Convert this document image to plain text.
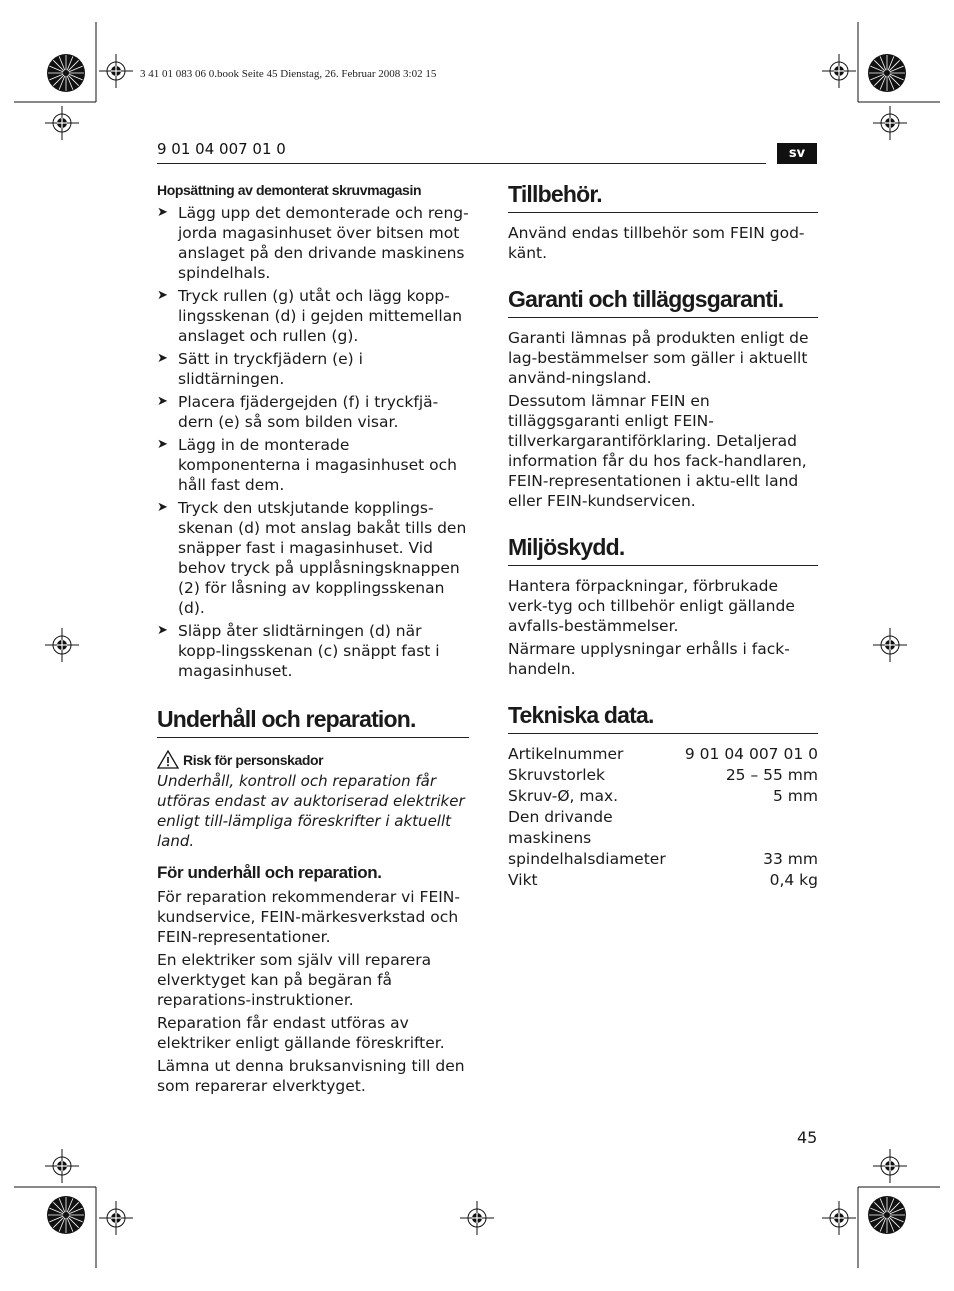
3 41 01 083 06 0.book Seite 45 Dienstag, 26. Februar 2008 3:02 15
9 01 04 007 01 0	sv
Hopsättning av demonterat skruvmagasin
➤ Lägg upp det demonterade och reng-jorda magasinhuset över bitsen mot anslaget på den drivande maskinens spindelhals.
➤ Tryck rullen (g) utåt och lägg kopp-lingsskenan (d) i gejden mittemellan anslaget och rullen (g).
➤ Sätt in tryckfjädern (e) i slidtärningen.
➤ Placera fjädergejden (f) i tryckfjä-dern (e) så som bilden visar.
➤ Lägg in de monterade komponenterna i magasinhuset och håll fast dem.
➤ Tryck den utskjutande kopplings-skenan (d) mot anslag bakåt tills den snäpper fast i magasinhuset. Vid behov tryck på upplåsningsknappen (2) för låsning av kopplingsskenan (d).
➤ Släpp åter slidtärningen (d) när kopp-lingsskenan (c) snäppt fast i magasinhuset.
Underhåll och reparation.
Risk för personskador

Underhåll, kontroll och reparation får utföras endast av auktoriserad elektriker enligt till-lämpliga föreskrifter i aktuellt land.

För underhåll och reparation.

För reparation rekommenderar vi FEIN-kundservice, FEIN-märkesverkstad och FEIN-representationer.

En elektriker som själv vill reparera elverktyget kan på begäran få reparations-instruktioner.

Reparation får endast utföras av elektriker enligt gällande föreskrifter.

Lämna ut denna bruksanvisning till den som reparerar elverktyget.

Tillbehör.

Använd endas tillbehör som FEIN god-känt.

Garanti och tilläggsgaranti.

Garanti lämnas på produkten enligt de lag-bestämmelser som gäller i aktuellt använd-ningsland.

Dessutom lämnar FEIN en tilläggsgaranti enligt FEIN-tillverkargarantiförklaring. Detaljerad information får du hos fack-handlaren, FEIN-representationen i aktu-ellt land eller FEIN-kundservicen.

Miljöskydd.

Hantera förpackningar, förbrukade verk-tyg och tillbehör enligt gällande avfalls-bestämmelser.

Närmare upplysningar erhålls i fack-handeln.

Tekniska data.
Artikelnummer	9 01 04 007 01 0
Skruvstorlek	25 – 55 mm
Skruv-Ø, max.	5 mm
Den drivande maskinens spindelhalsdiameter	33 mm
Vikt	0,4 kg
45
